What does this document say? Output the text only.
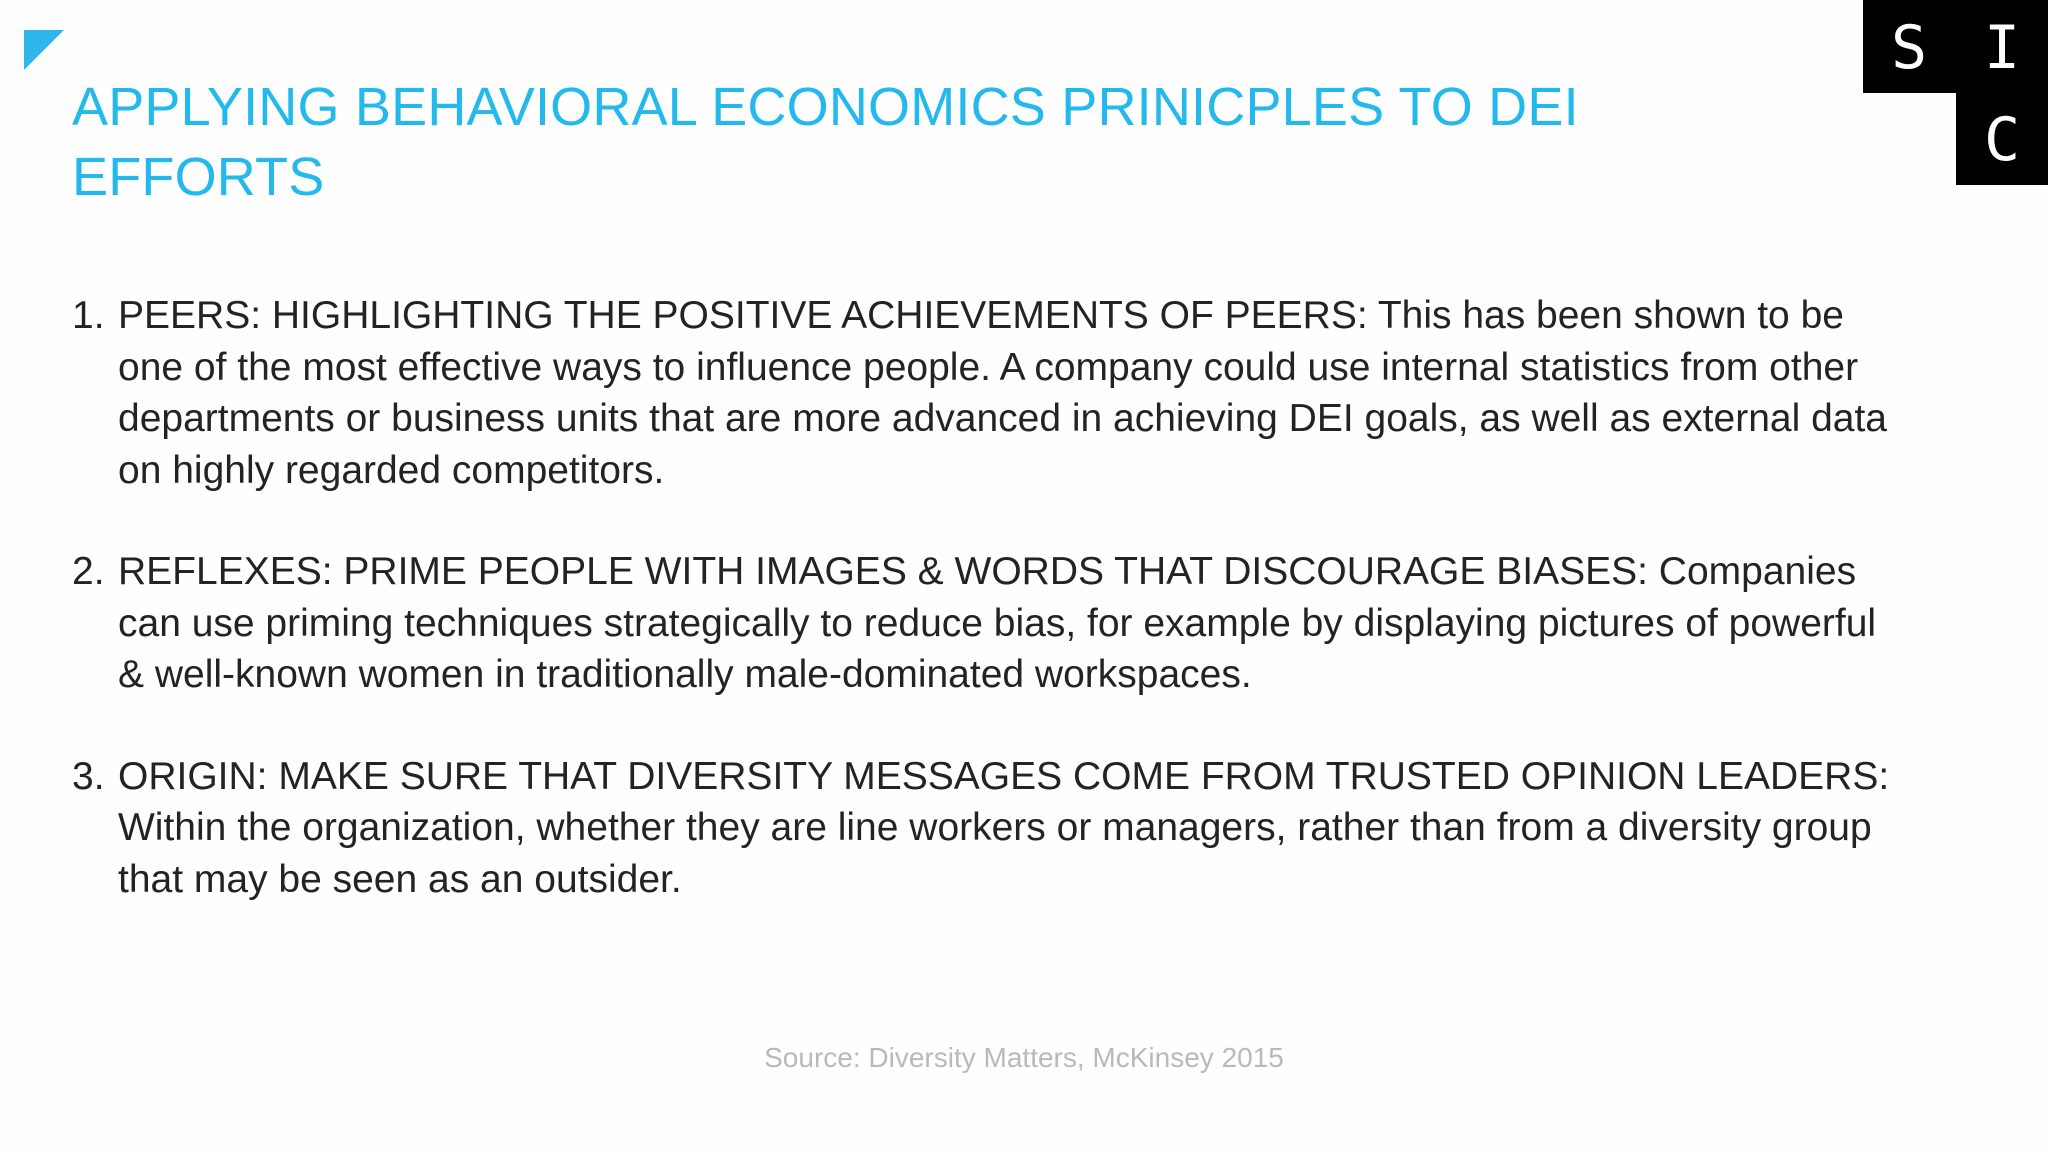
APPLYING BEHAVIORAL ECONOMICS PRINICPLES TO DEI
EFFORTS
S I
C
1. PEERS: HIGHLIGHTING THE POSITIVE ACHIEVEMENTS OF PEERS: This has been shown to be one of the most effective ways to influence people. A company could use internal statistics from other departments or business units that are more advanced in achieving DEI goals, as well as external data on highly regarded competitors.
2. REFLEXES: PRIME PEOPLE WITH IMAGES & WORDS THAT DISCOURAGE BIASES: Companies can use priming techniques strategically to reduce bias, for example by displaying pictures of powerful & well-known women in traditionally male-dominated workspaces.
3. ORIGIN: MAKE SURE THAT DIVERSITY MESSAGES COME FROM TRUSTED OPINION LEADERS: Within the organization, whether they are line workers or managers, rather than from a diversity group that may be seen as an outsider.
Source: Diversity Matters, McKinsey 2015
